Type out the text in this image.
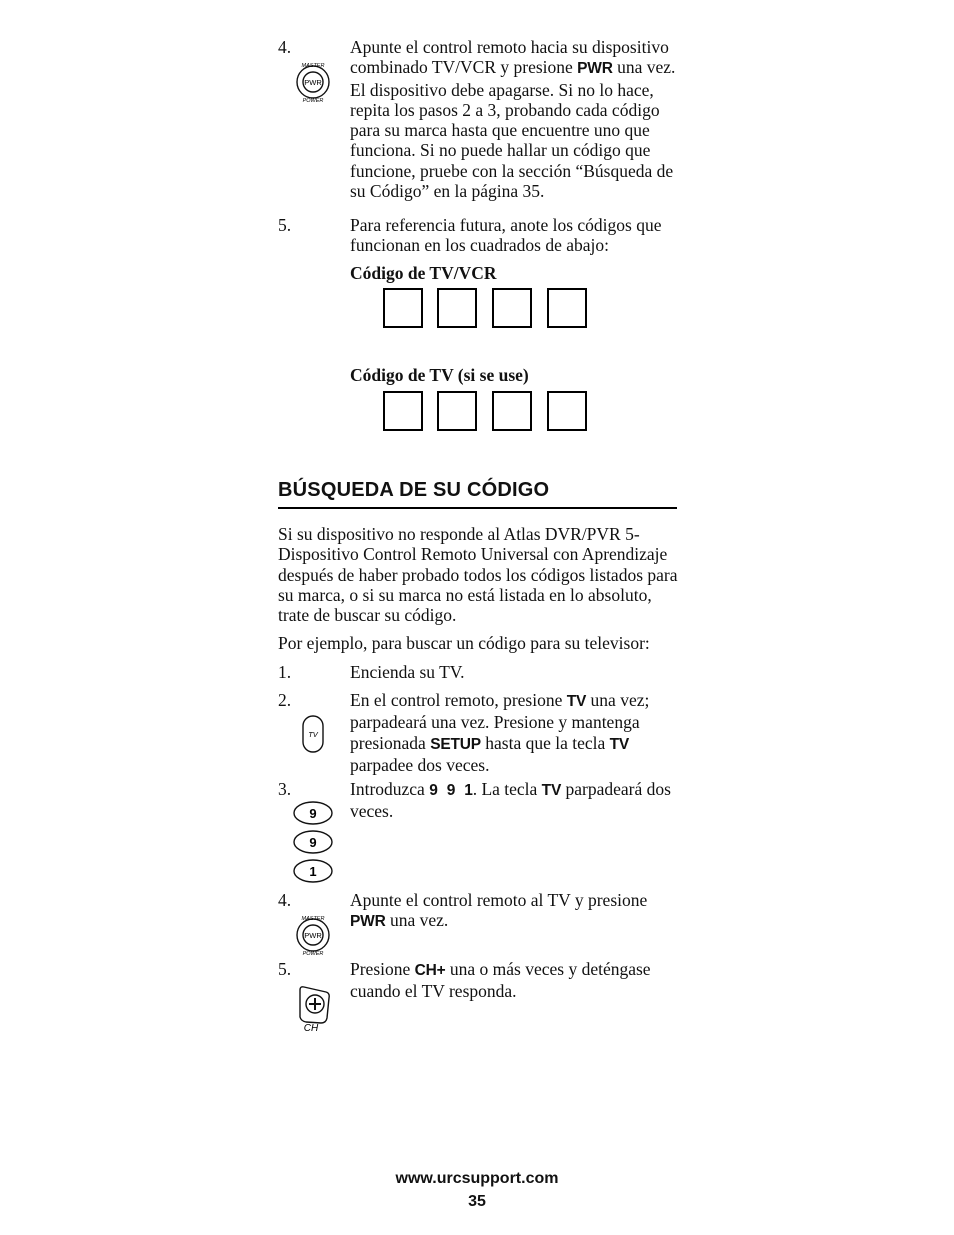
4.
PWR
MASTER
POWER
Apunte el control remoto hacia su dispositivo combinado TV/VCR y presione PWR una vez. El dispositivo debe apagarse. Si no lo hace, repita los pasos 2 a 3, probando cada código para su marca hasta que encuentre uno que funciona. Si no puede hallar un código que funcione, pruebe con la sección “Búsqueda de su Código” en la página 35.
5.	Para referencia futura, anote los códigos que funcionan en los cuadrados de abajo:
Código de TV/VCR
Código de TV (si se use)
BÚSQUEDA DE SU CÓDIGO
Si su dispositivo no responde al Atlas DVR/PVR 5-Dispositivo Control Remoto Universal con Aprendizaje después de haber probado todos los códigos listados para su marca, o si su marca no está listada en lo absoluto, trate de buscar su código.
Por ejemplo, para buscar un código para su televisor:
1.	Encienda su TV.
2.
TV
En el control remoto, presione TV una vez; parpadeará una vez. Presione y mantenga presionada SETUP hasta que la tecla TV parpadee dos veces.
3.
9
9
1
Introduzca 9 9 1. La tecla TV parpadeará dos veces.
4.
PWR
MASTER
POWER
Apunte el control remoto al TV y presione PWR una vez.
5.
CH
Presione CH+ una o más veces y deténgase cuando el TV responda.
www.urcsupport.com
35
